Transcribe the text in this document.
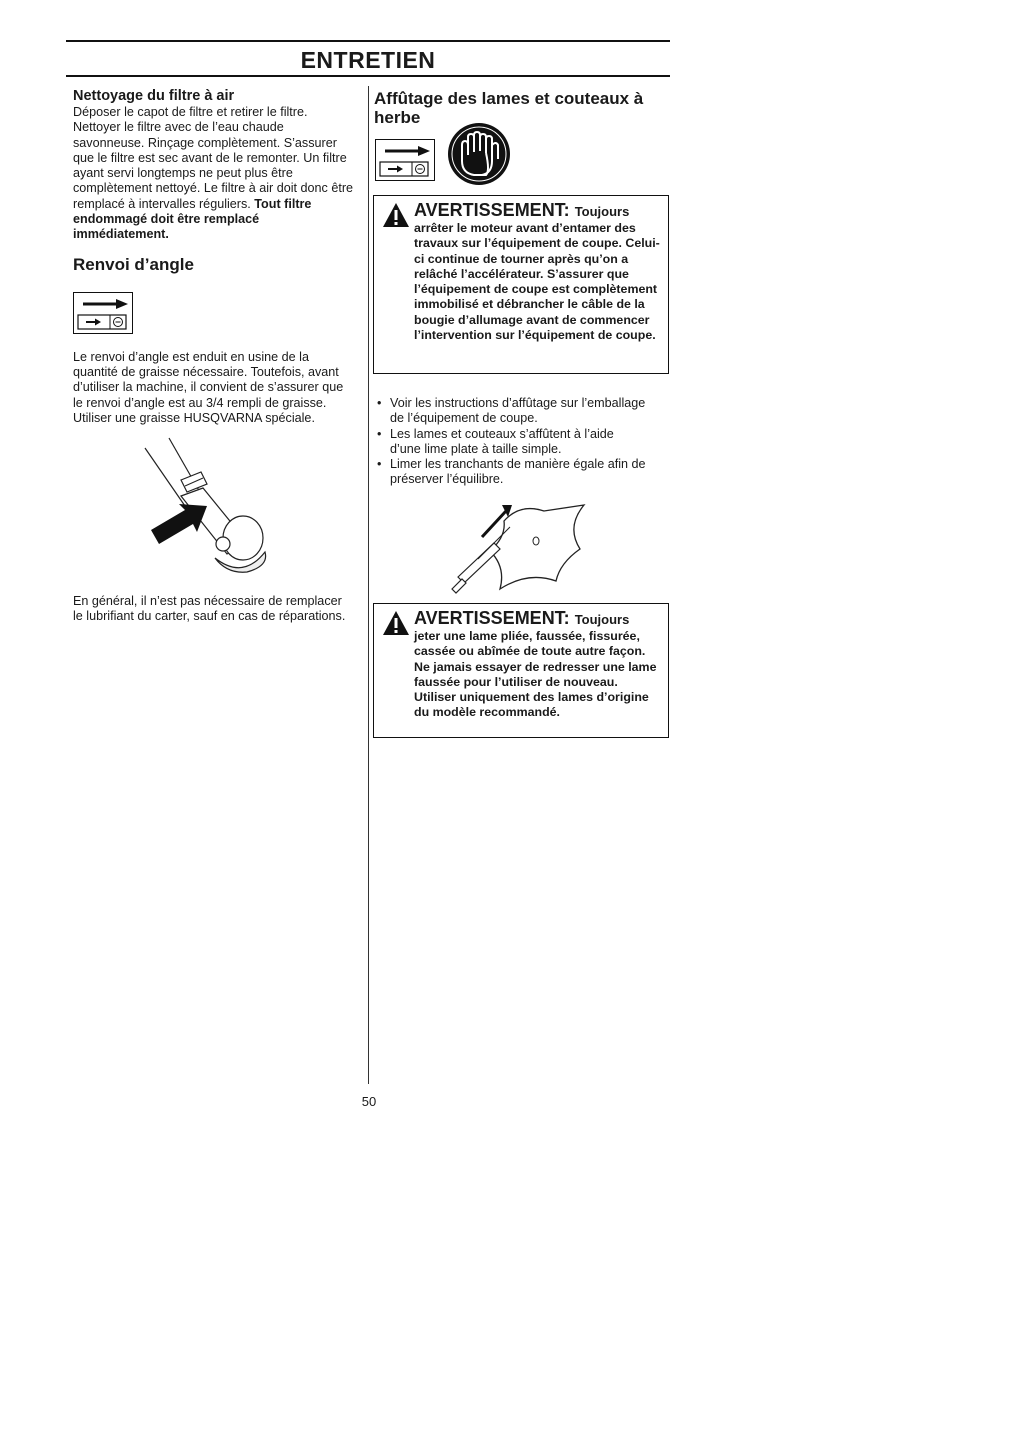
ENTRETIEN
Nettoyage du filtre à air

Déposer le capot de filtre et retirer le filtre. Nettoyer le filtre avec de l’eau chaude savonneuse. Rinçage complètement. S’assurer que le filtre est sec avant de le remonter. Un filtre ayant servi longtemps ne peut plus être complètement nettoyé. Le filtre à air doit donc être remplacé à intervalles réguliers. Tout filtre endommagé doit être remplacé immédiatement.

Renvoi d’angle

Le renvoi d’angle est enduit en usine de la quantité de graisse nécessaire. Toutefois, avant d’utiliser la machine, il convient de s’assurer que le renvoi d’angle est au 3/4 rempli de graisse. Utiliser une graisse HUSQVARNA spéciale.

En général, il n’est pas nécessaire de remplacer le lubrifiant du carter, sauf en cas de réparations.

Affûtage des lames et couteaux à herbe
AVERTISSEMENT: Toujours
arrêter le moteur avant d’entamer des travaux sur l’équipement de coupe. Celui-ci continue de tourner après qu’on a relâché l’accélérateur. S’assurer que l’équipement de coupe est complètement immobilisé et débrancher le câble de la bougie d’allumage avant de commencer l’intervention sur l’équipement de coupe.
• Voir les instructions d’affûtage sur l’emballage de l’équipement de coupe.
• Les lames et couteaux s’affûtent à l’aide d’une lime plate à taille simple.
• Limer les tranchants de manière égale afin de préserver l’équilibre.
AVERTISSEMENT: Toujours
jeter une lame pliée, faussée, fissurée, cassée ou abîmée de toute autre façon. Ne jamais essayer de redresser une lame faussée pour l’utiliser de nouveau. Utiliser uniquement des lames d’origine du modèle recommandé.
50
